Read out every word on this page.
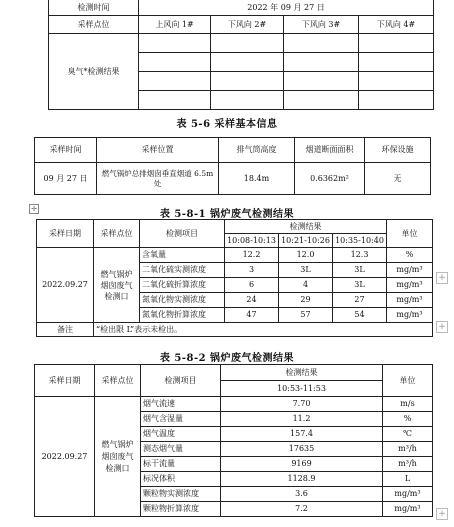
检测时间	2022 年 09 月 27 日			
采样点位	上风向 1#	下风向 2#	下风向 3#	下风向 4#
臭气*检测结果				

表 5-6 采样基本信息
采样时间	采样位置	排气筒高度	烟道断面面积	环保设施
09 月 27 日	燃气锅炉总排烟囱垂直烟道 6.5m 处	18.4m	0.6362m²	无
✛	表 5-8-1 锅炉废气检测结果
采样日期	采样点位	检测项目	检测结果			单位
			10:08-10:13	10:21-10:26	10:35-10:40	
2022.09.27	燃气锅炉烟囱废气检测口	含氧量	12.2	12.0	12.3	%
		二氧化硫实测浓度	3	3L	3L	mg/m³
		二氧化硫折算浓度	6	4	3L	mg/m³
		氮氧化物实测浓度	24	29	27	mg/m³
		氮氧化物折算浓度	47	57	54	mg/m³
备注	“检出限 L”表示未检出。					
+
+
表 5-8-2 锅炉废气检测结果
采样日期	采样点位	检测项目	检测结果	单位
			10:53-11:53	
2022.09.27	燃气锅炉烟囱废气检测口	烟气流速	7.70	m/s
		烟气含湿量	11.2	%
		烟气温度	157.4	℃
		测态烟气量	17635	m³/h
		标干流量	9169	m³/h
		标况体积	1128.9	L
		颗粒物实测浓度	3.6	mg/m³
		颗粒物折算浓度	7.2	mg/m³
+
